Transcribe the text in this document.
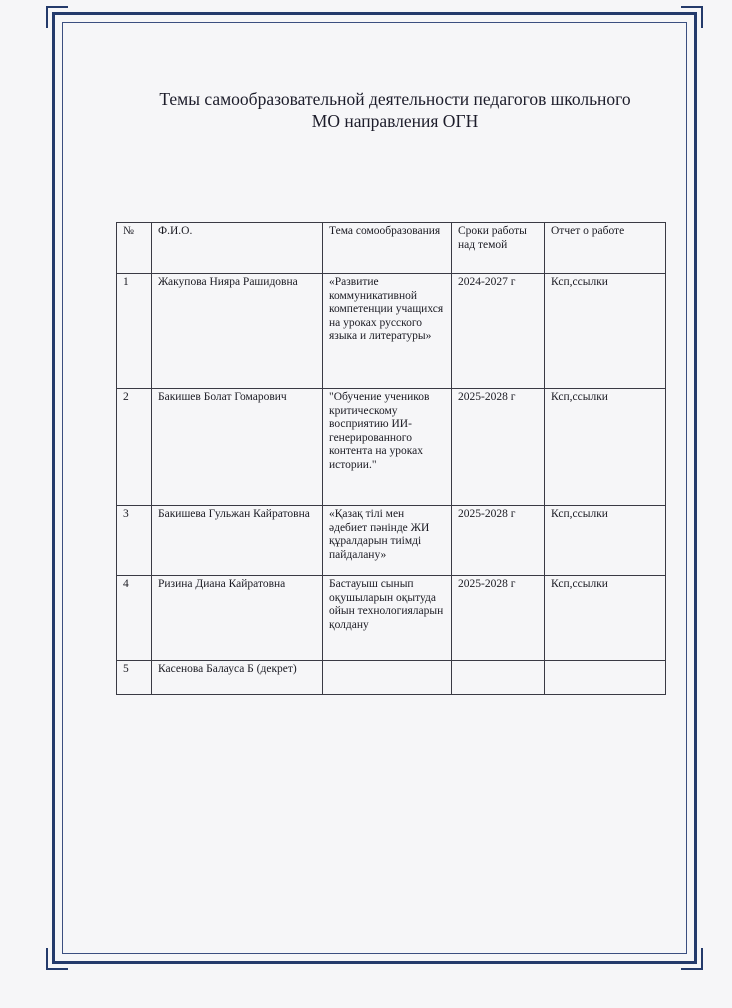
Темы самообразовательной деятельности педагогов школьного
МО направления ОГН
№	Ф.И.О.	Тема сомообразования	Сроки работы над темой	Отчет о работе
1	Жакупова Нияра Рашидовна	«Развитие коммуникативной компетенции учащихся на уроках русского языка и литературы»	2024-2027 г	Ксп,ссылки
2	Бакишев Болат Гомарович	"Обучение учеников критическому восприятию ИИ-генерированного контента на уроках истории."	2025-2028 г	Ксп,ссылки
3	Бакишева Гульжан Кайратовна	«Қазақ тілі мен әдебиет пәнінде ЖИ құралдарын тиімді пайдалану»	2025-2028 г	Ксп,ссылки
4	Ризина Диана Кайратовна	Бастауыш сынып оқушыларын оқытуда ойын технологияларын қолдану	2025-2028 г	Ксп,ссылки
5	Касенова Балауса Б (декрет)			
